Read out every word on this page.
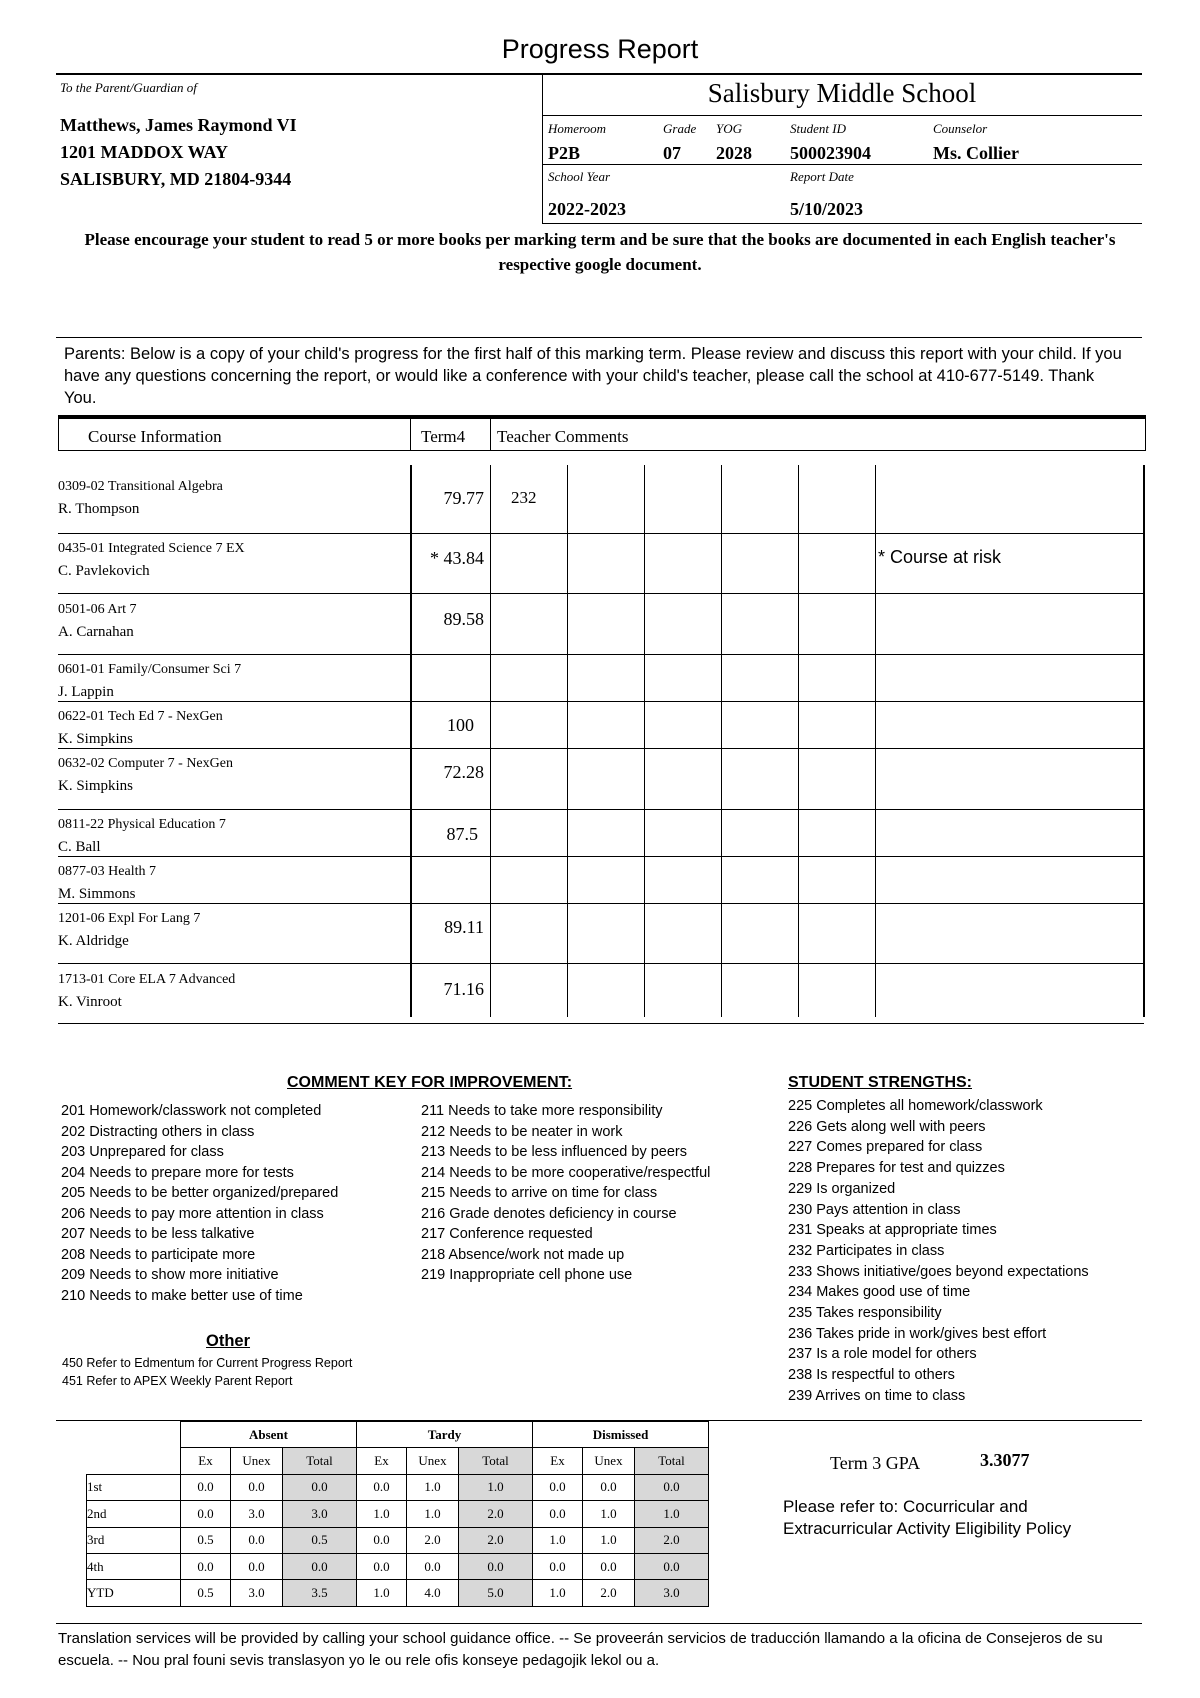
Progress Report
To the Parent/Guardian of
Matthews, James Raymond VI
1201 MADDOX WAY
SALISBURY, MD 21804-9344
Salisbury Middle School
Homeroom
P2B
Grade
07
YOG
2028
Student ID
500023904
Counselor
Ms. Collier
School Year
2022-2023
Report Date
5/10/2023
Please encourage your student to read 5 or more books per marking term and be sure that the books are documented in each English teacher's respective google document.
Parents: Below is a copy of your child's progress for the first half of this marking term. Please review and discuss this report with your child. If you have any questions concerning the report, or would like a conference with your child's teacher, please call the school at 410-677-5149. Thank You.
Course Information	Term4 Teacher Comments
0309-02 Transitional Algebra
R. Thompson
79.77 232
0435-01 Integrated Science 7 EX
C. Pavlekovich
* 43.84	* Course at risk
0501-06 Art 7
A. Carnahan
89.58
0601-01 Family/Consumer Sci 7
J. Lappin
0622-01 Tech Ed 7 - NexGen
K. Simpkins
100
0632-02 Computer 7 - NexGen
K. Simpkins
72.28
0811-22 Physical Education 7
C. Ball
87.5
0877-03 Health 7
M. Simmons
1201-06 Expl For Lang 7
K. Aldridge
89.11
1713-01 Core ELA 7 Advanced
K. Vinroot
71.16
COMMENT KEY FOR IMPROVEMENT:
201 Homework/classwork not completed
202 Distracting others in class
203 Unprepared for class
204 Needs to prepare more for tests
205 Needs to be better organized/prepared
206 Needs to pay more attention in class
207 Needs to be less talkative
208 Needs to participate more
209 Needs to show more initiative
210 Needs to make better use of time
211 Needs to take more responsibility
212 Needs to be neater in work
213 Needs to be less influenced by peers
214 Needs to be more cooperative/respectful
215 Needs to arrive on time for class
216 Grade denotes deficiency in course
217 Conference requested
218 Absence/work not made up
219 Inappropriate cell phone use
STUDENT STRENGTHS:
225 Completes all homework/classwork
226 Gets along well with peers
227 Comes prepared for class
228 Prepares for test and quizzes
229 Is organized
230 Pays attention in class
231 Speaks at appropriate times
232 Participates in class
233 Shows initiative/goes beyond expectations
234 Makes good use of time
235 Takes responsibility
236 Takes pride in work/gives best effort
237 Is a role model for others
238 Is respectful to others
239 Arrives on time to class
Other
450 Refer to Edmentum for Current Progress Report
451 Refer to APEX Weekly Parent Report
	Absent			Tardy			Dismissed		
	Ex	Unex	Total	Ex	Unex	Total	Ex	Unex	Total
1st	0.0	0.0	0.0	0.0	1.0	1.0	0.0	0.0	0.0
2nd	0.0	3.0	3.0	1.0	1.0	2.0	0.0	1.0	1.0
3rd	0.5	0.0	0.5	0.0	2.0	2.0	1.0	1.0	2.0
4th	0.0	0.0	0.0	0.0	0.0	0.0	0.0	0.0	0.0
YTD	0.5	3.0	3.5	1.0	4.0	5.0	1.0	2.0	3.0
Term 3 GPA	3.3077
Please refer to: Cocurricular and
Extracurricular Activity Eligibility Policy
Translation services will be provided by calling your school guidance office. -- Se proveerán servicios de traducción llamando a la oficina de Consejeros de su escuela. -- Nou pral founi sevis translasyon yo le ou rele ofis konseye pedagojik lekol ou a.
